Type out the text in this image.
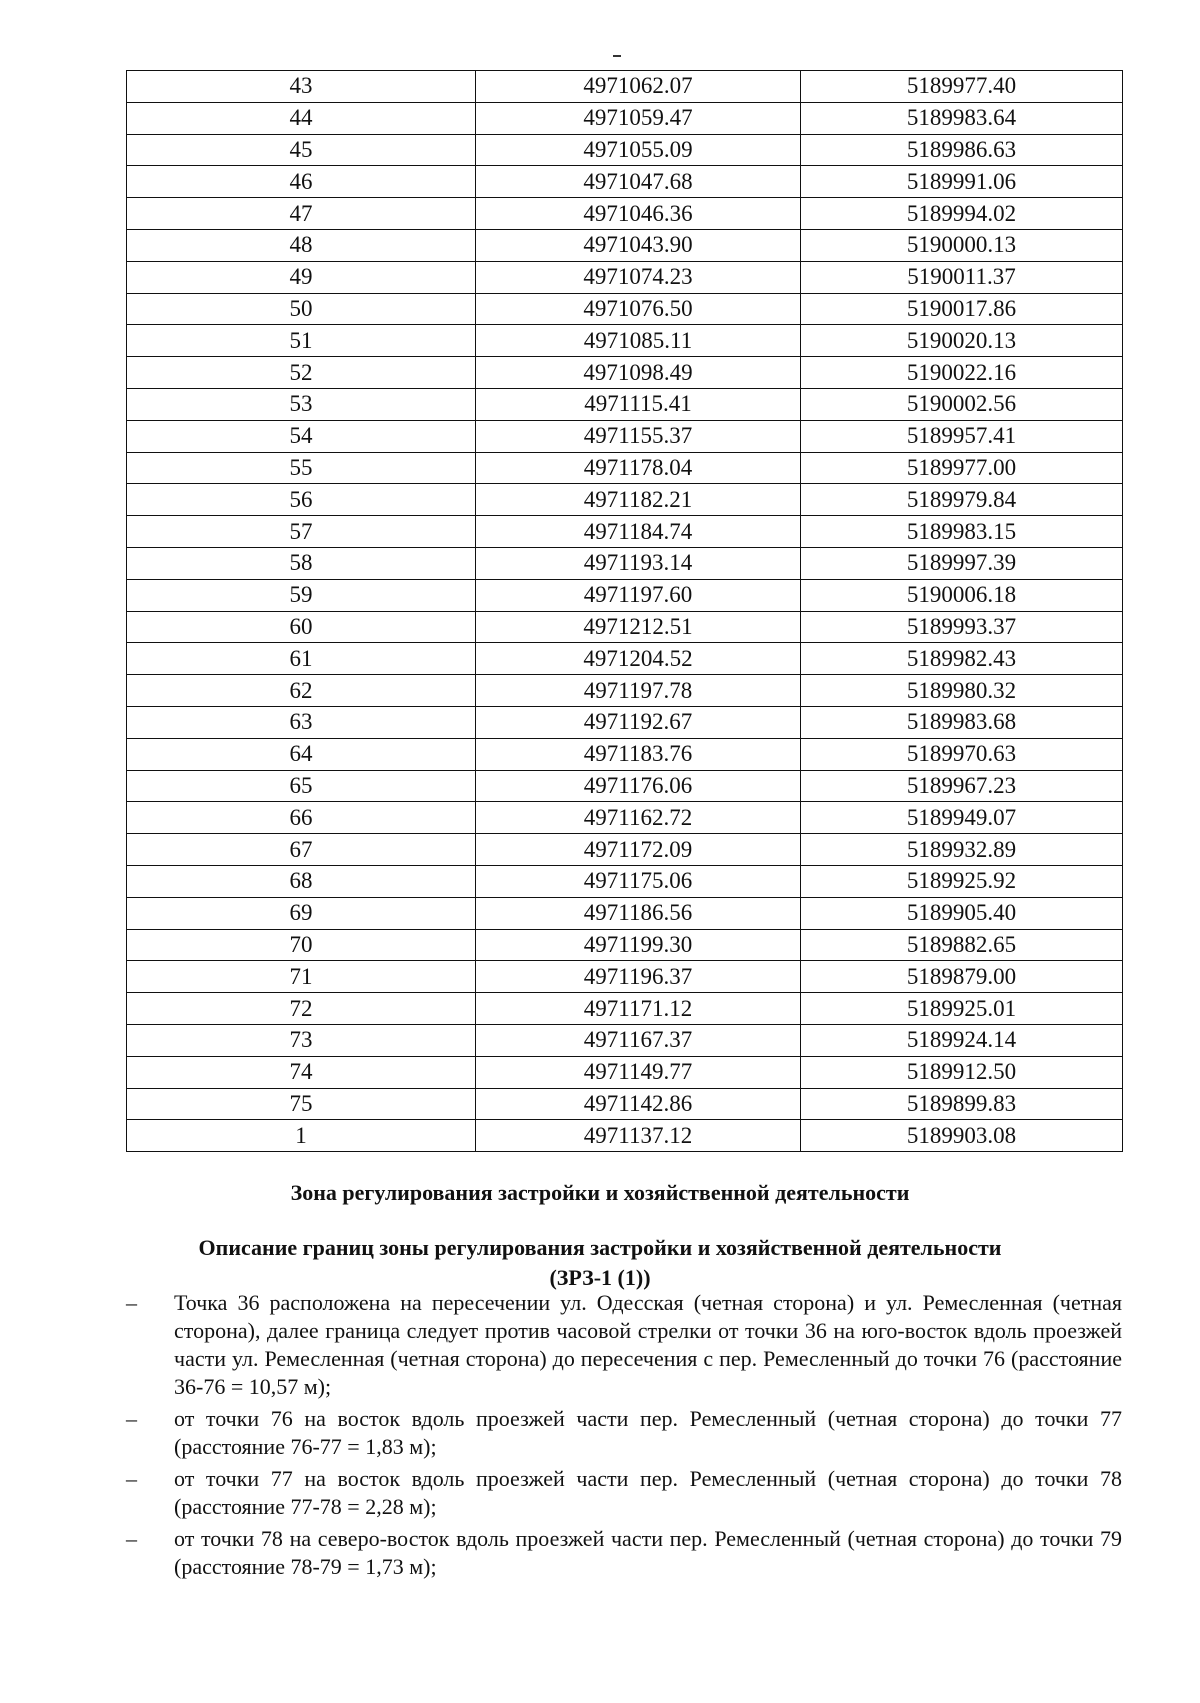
43	4971062.07	5189977.40
44	4971059.47	5189983.64
45	4971055.09	5189986.63
46	4971047.68	5189991.06
47	4971046.36	5189994.02
48	4971043.90	5190000.13
49	4971074.23	5190011.37
50	4971076.50	5190017.86
51	4971085.11	5190020.13
52	4971098.49	5190022.16
53	4971115.41	5190002.56
54	4971155.37	5189957.41
55	4971178.04	5189977.00
56	4971182.21	5189979.84
57	4971184.74	5189983.15
58	4971193.14	5189997.39
59	4971197.60	5190006.18
60	4971212.51	5189993.37
61	4971204.52	5189982.43
62	4971197.78	5189980.32
63	4971192.67	5189983.68
64	4971183.76	5189970.63
65	4971176.06	5189967.23
66	4971162.72	5189949.07
67	4971172.09	5189932.89
68	4971175.06	5189925.92
69	4971186.56	5189905.40
70	4971199.30	5189882.65
71	4971196.37	5189879.00
72	4971171.12	5189925.01
73	4971167.37	5189924.14
74	4971149.77	5189912.50
75	4971142.86	5189899.83
1	4971137.12	5189903.08
Зона регулирования застройки и хозяйственной деятельности
Описание границ зоны регулирования застройки и хозяйственной деятельности
(ЗРЗ-1 (1))
–	Точка 36 расположена на пересечении ул. Одесская (четная сторона) и ул. Ремесленная (четная сторона), далее граница следует против часовой стрелки от точки 36 на юго-восток вдоль проезжей части ул. Ремесленная (четная сторона) до пересечения с пер. Ремесленный до точки 76 (расстояние 36-76 = 10,57 м);
–	от точки 76 на восток вдоль проезжей части пер. Ремесленный (четная сторона) до точки 77 (расстояние 76-77 = 1,83 м);
–	от точки 77 на восток вдоль проезжей части пер. Ремесленный (четная сторона) до точки 78 (расстояние 77-78 = 2,28 м);
–	от точки 78 на северо-восток вдоль проезжей части пер. Ремесленный (четная сторона) до точки 79 (расстояние 78-79 = 1,73 м);
